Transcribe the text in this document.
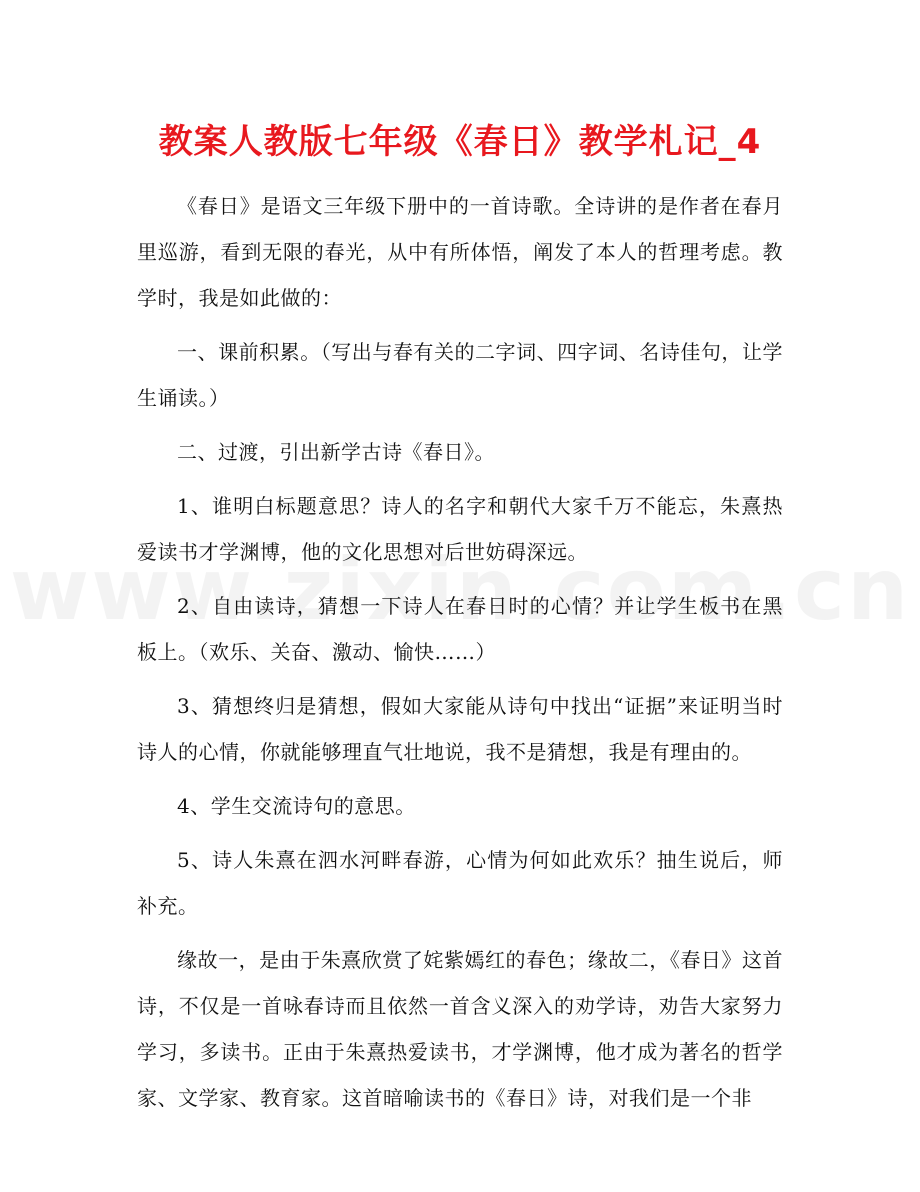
教案人教版七年级《春日》教学札记_4

《春日》是语文三年级下册中的一首诗歌。全诗讲的是作者在春月里巡游，看到无限的春光，从中有所体悟，阐发了本人的哲理考虑。教学时，我是如此做的：

一、课前积累。（写出与春有关的二字词、四字词、名诗佳句，让学生诵读。）

二、过渡，引出新学古诗《春日》。

1、谁明白标题意思？诗人的名字和朝代大家千万不能忘，朱熹热爱读书才学渊博，他的文化思想对后世妨碍深远。

2、自由读诗，猜想一下诗人在春日时的心情？并让学生板书在黑板上。（欢乐、关奋、激动、愉快……）

3、猜想终归是猜想，假如大家能从诗句中找出“证据”来证明当时诗人的心情，你就能够理直气壮地说，我不是猜想，我是有理由的。

4、学生交流诗句的意思。

5、诗人朱熹在泗水河畔春游，心情为何如此欢乐？抽生说后，师补充。

缘故一，是由于朱熹欣赏了姹紫嫣红的春色；缘故二，《春日》这首诗，不仅是一首咏春诗而且依然一首含义深入的劝学诗，劝告大家努力学习，多读书。正由于朱熹热爱读书，才学渊博，他才成为著名的哲学家、文学家、教育家。这首暗喻读书的《春日》诗，对我们是一个非
